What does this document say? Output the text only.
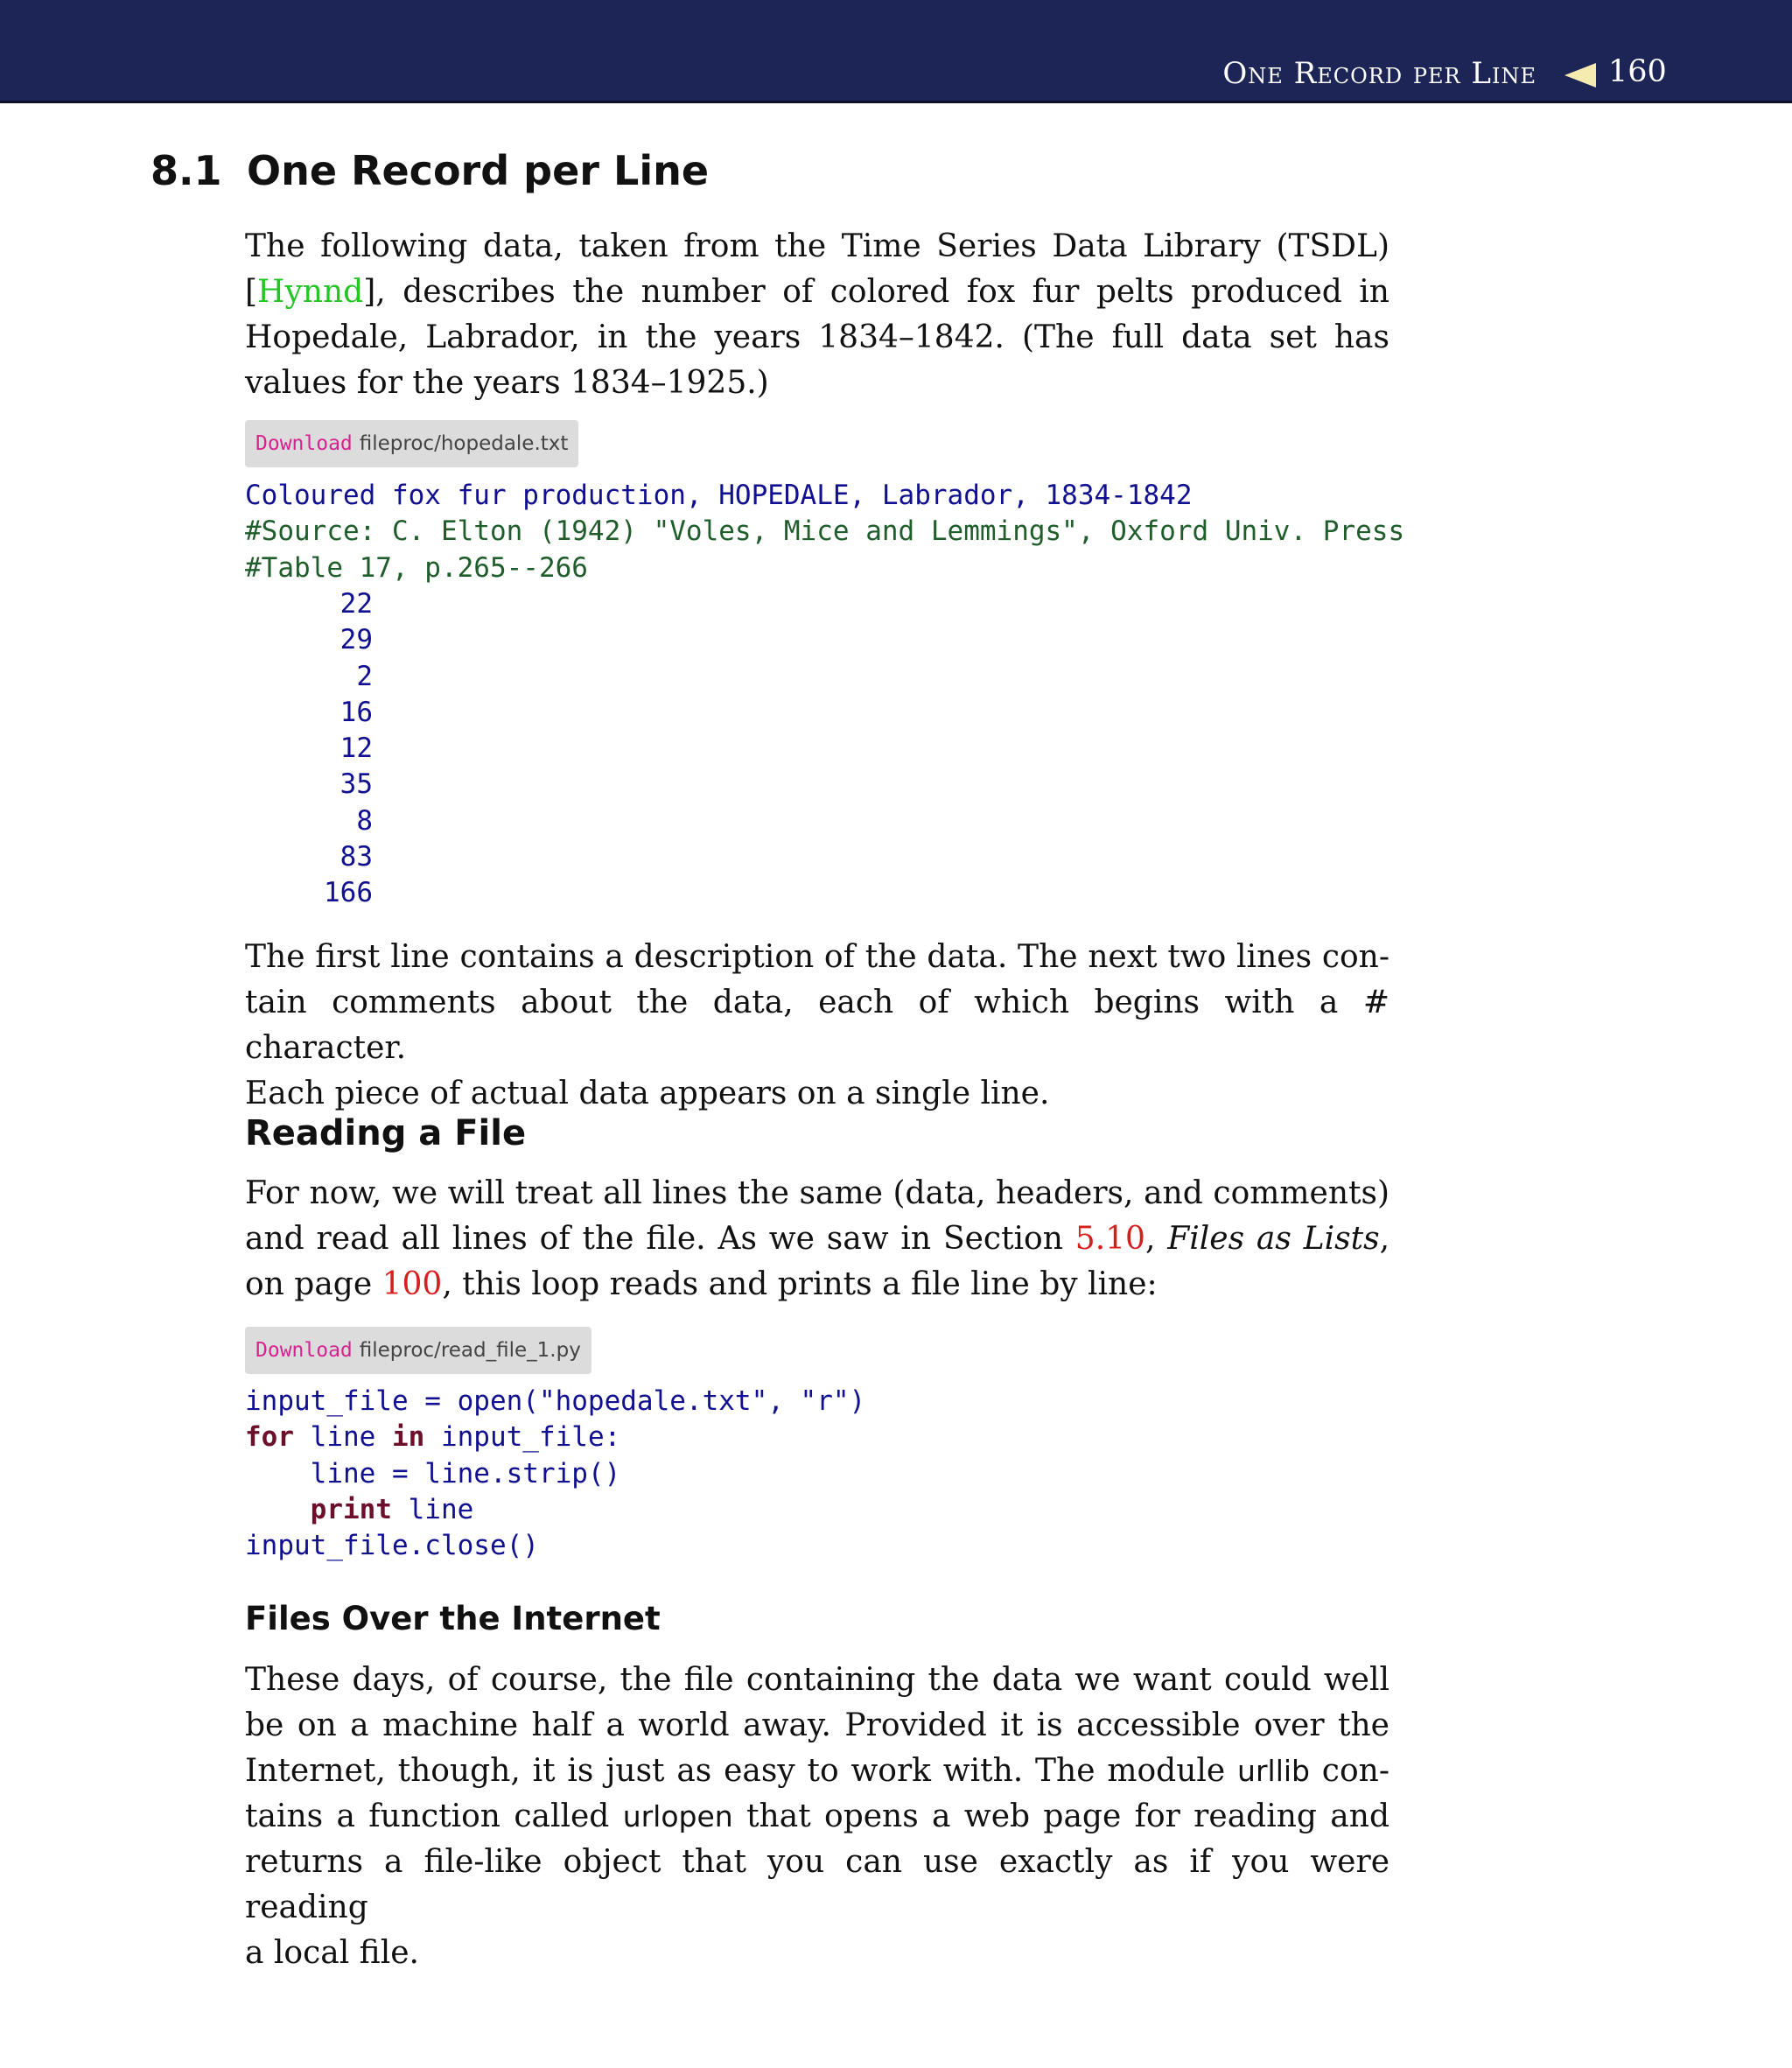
One Record per Line 160
8.1 One Record per Line
The following data, taken from the Time Series Data Library (TSDL)
[Hynnd], describes the number of colored fox fur pelts produced in
Hopedale, Labrador, in the years 1834–1842. (The full data set has
values for the years 1834–1925.)
Download fileproc/hopedale.txt
Coloured fox fur production, HOPEDALE, Labrador, 1834-1842
#Source: C. Elton (1942) "Voles, Mice and Lemmings", Oxford Univ. Press
#Table 17, p.265--266
22
29
2
16
12
35
8
83
166
The first line contains a description of the data. The next two lines con-
tain comments about the data, each of which begins with a # character.
Each piece of actual data appears on a single line.
Reading a File
For now, we will treat all lines the same (data, headers, and comments)
and read all lines of the file. As we saw in Section 5.10, Files as Lists,
on page 100, this loop reads and prints a file line by line:
Download fileproc/read_file_1.py
input_file = open("hopedale.txt", "r")
for line in input_file:
line = line.strip()
print line
input_file.close()
Files Over the Internet
These days, of course, the file containing the data we want could well
be on a machine half a world away. Provided it is accessible over the
Internet, though, it is just as easy to work with. The module urllib con-
tains a function called urlopen that opens a web page for reading and
returns a file-like object that you can use exactly as if you were reading
a local file.
